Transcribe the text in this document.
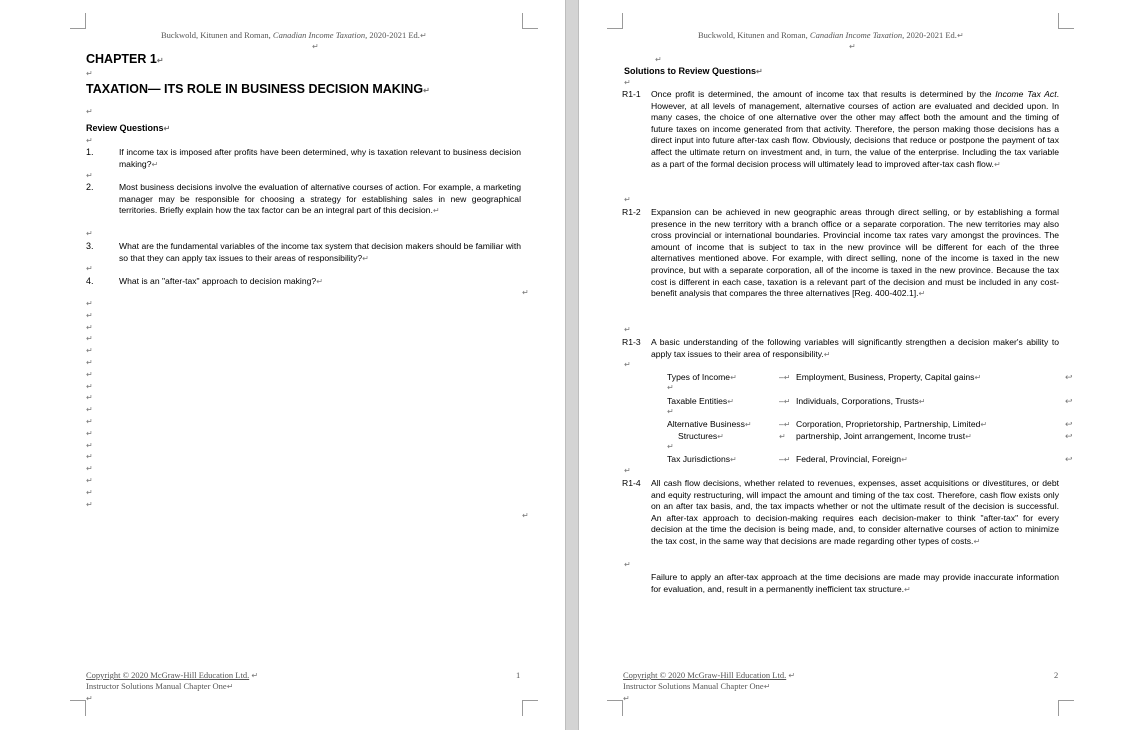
Buckwold, Kitunen and Roman, Canadian Income Taxation, 2020-2021 Ed.↵
↵
CHAPTER 1↵
↵
TAXATION— ITS ROLE IN BUSINESS DECISION MAKING↵
↵
Review Questions↵
↵
1.	If income tax is imposed after profits have been determined, why is taxation relevant to business decision making?↵
↵
2.	Most business decisions involve the evaluation of alternative courses of action. For example, a marketing manager may be responsible for choosing a strategy for establishing sales in new geographical territories. Briefly explain how the tax factor can be an integral part of this decision.↵
↵
3.	What are the fundamental variables of the income tax system that decision makers should be familiar with so that they can apply tax issues to their areas of responsibility?↵
↵
4.	What is an "after-tax" approach to decision making?↵
↵
↵
↵
↵
↵
↵
↵
↵
↵
↵
↵
↵
↵
↵
↵
↵
↵
↵
↵
↵
Copyright © 2020 McGraw-Hill Education Ltd. ↵
Instructor Solutions Manual Chapter One↵
1
↵
Buckwold, Kitunen and Roman, Canadian Income Taxation, 2020-2021 Ed.↵
↵
↵
Solutions to Review Questions↵
↵
R1-1 Once profit is determined, the amount of income tax that results is determined by the Income Tax Act. However, at all levels of management, alternative courses of action are evaluated and decided upon. In many cases, the choice of one alternative over the other may affect both the amount and the timing of future taxes on income generated from that activity. Therefore, the person making those decisions has a direct input into future after-tax cash flow. Obviously, decisions that reduce or postpone the payment of tax affect the ultimate return on investment and, in turn, the value of the enterprise. Including the tax variable as a part of the formal decision process will ultimately lead to improved after-tax cash flow.↵
↵
R1-2 Expansion can be achieved in new geographic areas through direct selling, or by establishing a formal presence in the new territory with a branch office or a separate corporation. The new territories may also cross provincial or international boundaries. Provincial income tax rates vary amongst the provinces. The amount of income that is subject to tax in the new province will be different for each of the three alternatives mentioned above. For example, with direct selling, none of the income is taxed in the new province, but with a separate corporation, all of the income is taxed in the new province. Because the tax cost is different in each case, taxation is a relevant part of the decision and must be included in any cost-benefit analysis that compares the three alternatives [Reg. 400-402.1].↵
↵
R1-3 A basic understanding of the following variables will significantly strengthen a decision maker's ability to apply tax issues to their area of responsibility.↵
↵
Types of Income↵	–↵ Employment, Business, Property, Capital gains↵	↩
↵
Taxable Entities↵	–↵ Individuals, Corporations, Trusts↵	↩
↵
Alternative Business↵	–↵ Corporation, Proprietorship, Partnership, Limited↵	↩
Structures↵	↵ partnership, Joint arrangement, Income trust↵	↩
↵
Tax Jurisdictions↵	–↵ Federal, Provincial, Foreign↵	↩
↵
R1-4 All cash flow decisions, whether related to revenues, expenses, asset acquisitions or divestitures, or debt and equity restructuring, will impact the amount and timing of the tax cost. Therefore, cash flow exists only on an after tax basis, and, the tax impacts whether or not the ultimate result of the decision is successful. An after-tax approach to decision-making requires each decision-maker to think "after-tax" for every decision at the time the decision is being made, and, to consider alternative courses of action to minimize the tax cost, in the same way that decisions are made regarding other types of costs.↵
↵
Failure to apply an after-tax approach at the time decisions are made may provide inaccurate information for evaluation, and, result in a permanently inefficient tax structure.↵
Copyright © 2020 McGraw-Hill Education Ltd. ↵
Instructor Solutions Manual Chapter One↵
2
↵
